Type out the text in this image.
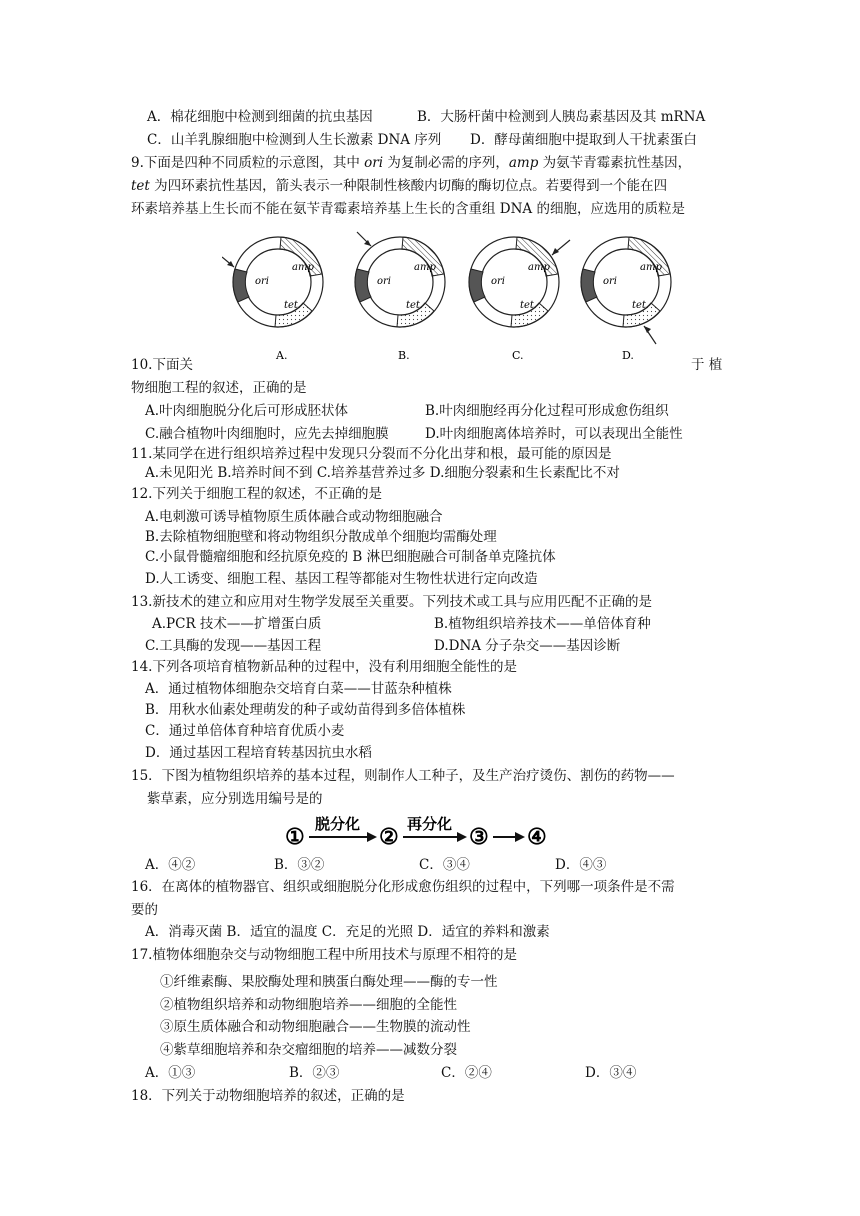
A．棉花细胞中检测到细菌的抗虫基因	B．大肠杆菌中检测到人胰岛素基因及其 mRNA
C．山羊乳腺细胞中检测到人生长激素 DNA 序列 D．酵母菌细胞中提取到人干扰素蛋白
9.下面是四种不同质粒的示意图，其中 ori 为复制必需的序列，amp 为氨苄青霉素抗性基因，
tet 为四环素抗性基因，箭头表示一种限制性核酸内切酶的酶切位点。若要得到一个能在四
环素培养基上生长而不能在氨苄青霉素培养基上生长的含重组 DNA 的细胞，应选用的质粒是
ori
amp
tet
A.
ori
amp
tet
B.
ori
amp
tet
C.
ori
amp
tet
D.
10.下面关	于 植
物细胞工程的叙述，正确的是
A.叶肉细胞脱分化后可形成胚状体	B.叶肉细胞经再分化过程可形成愈伤组织
C.融合植物叶肉细胞时，应先去掉细胞膜	D.叶肉细胞离体培养时，可以表现出全能性
11.某同学在进行组织培养过程中发现只分裂而不分化出芽和根，最可能的原因是
A.未见阳光 B.培养时间不到 C.培养基营养过多 D.细胞分裂素和生长素配比不对
12.下列关于细胞工程的叙述，不正确的是
A.电刺激可诱导植物原生质体融合或动物细胞融合
B.去除植物细胞壁和将动物组织分散成单个细胞均需酶处理
C.小鼠骨髓瘤细胞和经抗原免疫的 B 淋巴细胞融合可制备单克隆抗体
D.人工诱变、细胞工程、基因工程等都能对生物性状进行定向改造
13.新技术的建立和应用对生物学发展至关重要。下列技术或工具与应用匹配不正确的是
A.PCR 技术——扩增蛋白质	B.植物组织培养技术——单倍体育种
C.工具酶的发现——基因工程	D.DNA 分子杂交——基因诊断
14.下列各项培育植物新品种的过程中，没有利用细胞全能性的是
A．通过植物体细胞杂交培育白菜——甘蓝杂种植株
B．用秋水仙素处理萌发的种子或幼苗得到多倍体植株
C．通过单倍体育种培育优质小麦
D．通过基因工程培育转基因抗虫水稻
15．下图为植物组织培养的基本过程，则制作人工种子，及生产治疗烫伤、割伤的药物——
紫草素，应分别选用编号是的
① 脱分化 ② 再分化 ③ ④
A．④②	B．③②	C．③④	D．④③
16．在离体的植物器官、组织或细胞脱分化形成愈伤组织的过程中，下列哪一项条件是不需
要的
A．消毒灭菌 B．适宜的温度 C．充足的光照 D．适宜的养料和激素
17.植物体细胞杂交与动物细胞工程中所用技术与原理不相符的是
①纤维素酶、果胶酶处理和胰蛋白酶处理——酶的专一性
②植物组织培养和动物细胞培养——细胞的全能性
③原生质体融合和动物细胞融合——生物膜的流动性
④紫草细胞培养和杂交瘤细胞的培养——减数分裂
A．①③	B．②③	C．②④	D．③④
18．下列关于动物细胞培养的叙述，正确的是
